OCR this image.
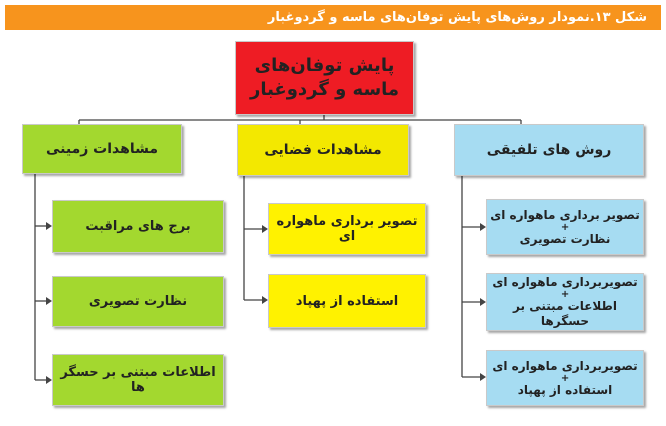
شکل ۱۳.نمودار روش‌های پایش توفان‌های ماسه و گردوغبار
پایش توفان‌های
ماسه و گردوغبار
مشاهدات زمینی
برج های مراقبت
نظارت تصویری
اطلاعات مبتنی بر حسگر ها
مشاهدات فضایی
تصویر برداری ماهواره ای
استفاده از پهپاد
روش های تلفیقی
تصویر برداری ماهواره ای
+
نظارت تصویری
تصویربرداری ماهواره ای
+
اطلاعات مبتنی بر حسگرها
تصویربرداری ماهواره ای
+
استفاده از پهپاد
